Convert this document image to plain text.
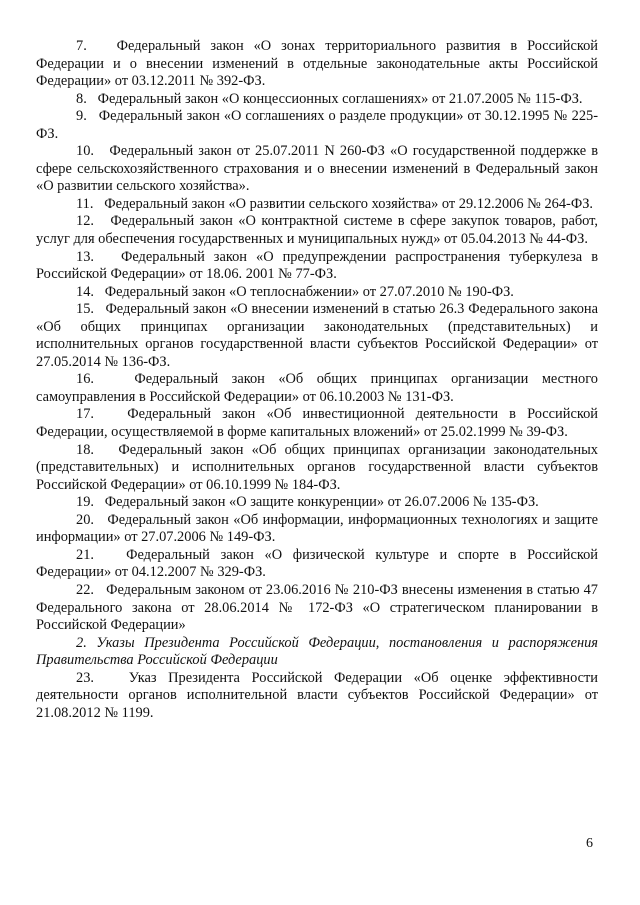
7.   Федеральный закон «О зонах территориального развития в Российской Федерации и о внесении изменений в отдельные законодательные акты Российской Федерации» от 03.12.2011 № 392-ФЗ.

8.   Федеральный закон «О концессионных соглашениях» от 21.07.2005 № 115-ФЗ.

9.   Федеральный закон «О соглашениях о разделе продукции» от 30.12.1995 № 225-ФЗ.

10.   Федеральный закон от 25.07.2011 N 260-ФЗ «О государственной поддержке в сфере сельскохозяйственного страхования и о внесении изменений в Федеральный закон «О развитии сельского хозяйства».

11.   Федеральный закон «О развитии сельского хозяйства» от 29.12.2006 № 264-ФЗ.

12.   Федеральный закон «О контрактной системе в сфере закупок товаров, работ, услуг для обеспечения государственных и муниципальных нужд» от 05.04.2013 № 44-ФЗ.

13.   Федеральный закон «О предупреждении распространения туберкулеза в Российской Федерации» от 18.06. 2001 № 77-ФЗ.

14.   Федеральный закон «О теплоснабжении» от 27.07.2010 № 190-ФЗ.

15.   Федеральный закон «О внесении изменений в статью 26.3 Федерального закона «Об общих принципах организации законодательных (представительных) и исполнительных органов государственной власти субъектов Российской Федерации» от 27.05.2014 № 136-ФЗ.

16.   Федеральный закон «Об общих принципах организации местного самоуправления в Российской Федерации» от 06.10.2003 № 131-ФЗ.

17.   Федеральный закон «Об инвестиционной деятельности в Российской Федерации, осуществляемой в форме капитальных вложений» от 25.02.1999 № 39-ФЗ.

18.   Федеральный закон «Об общих принципах организации законодательных (представительных) и исполнительных органов государственной власти субъектов Российской Федерации» от 06.10.1999 № 184-ФЗ.

19.   Федеральный закон «О защите конкуренции» от 26.07.2006 № 135-ФЗ.

20.   Федеральный закон «Об информации, информационных технологиях и защите информации» от 27.07.2006 № 149-ФЗ.

21.   Федеральный закон «О физической культуре и спорте в Российской Федерации» от 04.12.2007 № 329-ФЗ.

22.   Федеральным законом от 23.06.2016 № 210-ФЗ внесены изменения в статью 47 Федерального закона от 28.06.2014 № 172-ФЗ «О стратегическом планировании в Российской Федерации»

2. Указы Президента Российской Федерации, постановления и распоряжения Правительства Российской Федерации

23.   Указ Президента Российской Федерации «Об оценке эффективности деятельности органов исполнительной власти субъектов Российской Федерации» от 21.08.2012 № 1199.

6
